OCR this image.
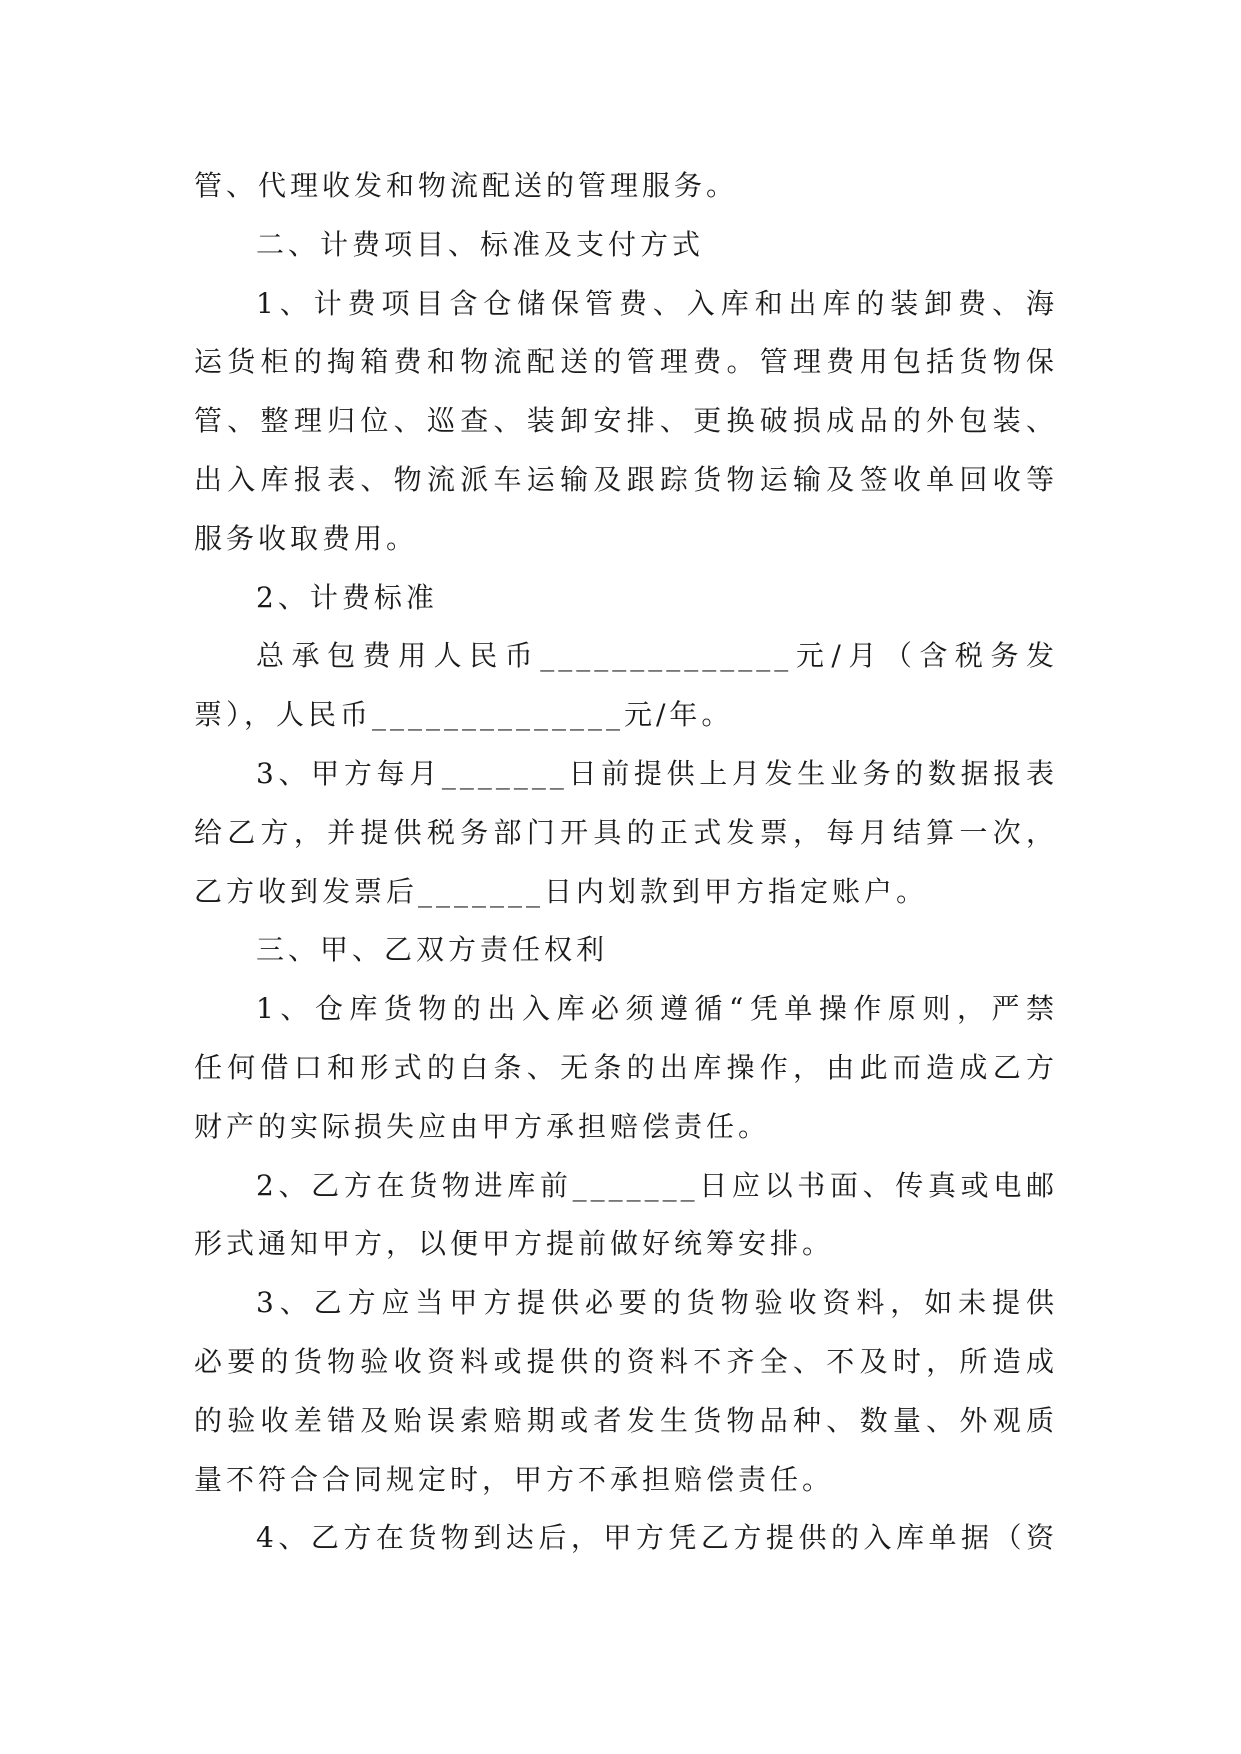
管、代理收发和物流配送的管理服务。
二、计费项目、标准及支付方式
1、计费项目含仓储保管费、入库和出库的装卸费、海
运货柜的掏箱费和物流配送的管理费。管理费用包括货物保
管、整理归位、巡查、装卸安排、更换破损成品的外包装、
出入库报表、物流派车运输及跟踪货物运输及签收单回收等
服务收取费用。
2、计费标准
总承包费用人民币______________元/月（含税务发
票），人民币______________元/年。
3、甲方每月_______日前提供上月发生业务的数据报表
给乙方，并提供税务部门开具的正式发票，每月结算一次，
乙方收到发票后_______日内划款到甲方指定账户。
三、甲、乙双方责任权利
1、仓库货物的出入库必须遵循“凭单操作原则，严禁
任何借口和形式的白条、无条的出库操作，由此而造成乙方
财产的实际损失应由甲方承担赔偿责任。
2、乙方在货物进库前_______日应以书面、传真或电邮
形式通知甲方，以便甲方提前做好统筹安排。
3、乙方应当甲方提供必要的货物验收资料，如未提供
必要的货物验收资料或提供的资料不齐全、不及时，所造成
的验收差错及贻误索赔期或者发生货物品种、数量、外观质
量不符合合同规定时，甲方不承担赔偿责任。
4、乙方在货物到达后，甲方凭乙方提供的入库单据（资
